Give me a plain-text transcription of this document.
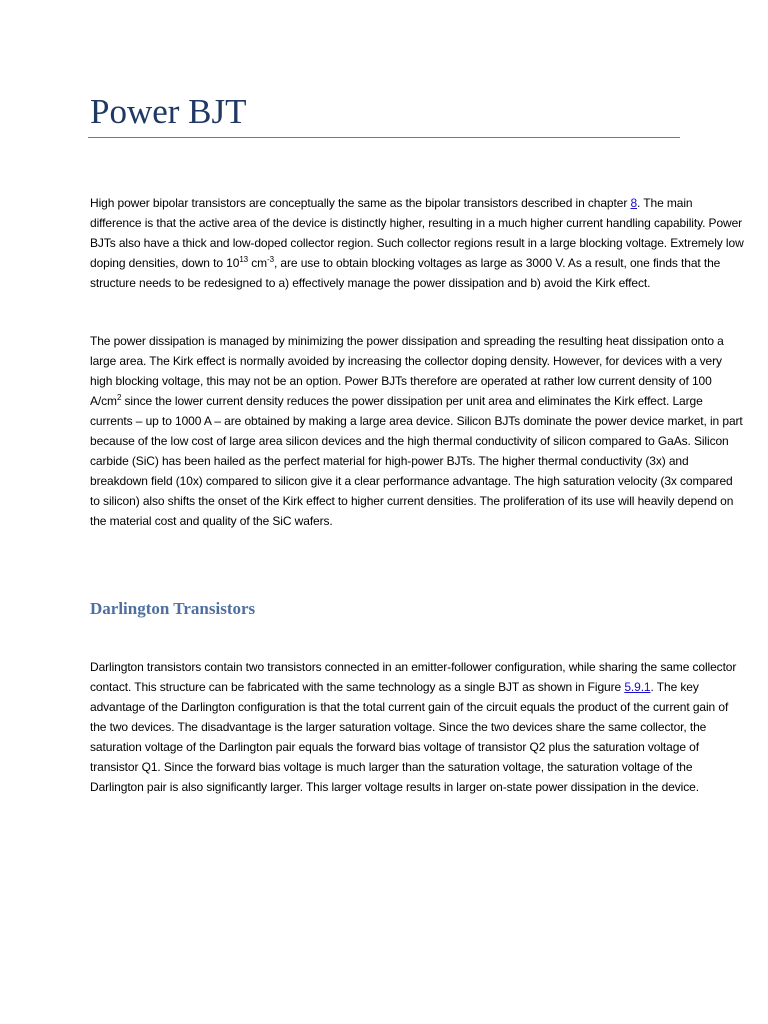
Power BJT

High power bipolar transistors are conceptually the same as the bipolar transistors described in chapter 8. The main difference is that the active area of the device is distinctly higher, resulting in a much higher current handling capability. Power BJTs also have a thick and low-doped collector region. Such collector regions result in a large blocking voltage. Extremely low doping densities, down to $10^{13}$ $cm^{-3}$, are use to obtain blocking voltages as large as 3000 V. As a result, one finds that the structure needs to be redesigned to a) effectively manage the power dissipation and b) avoid the Kirk effect.

The power dissipation is managed by minimizing the power dissipation and spreading the resulting heat dissipation onto a large area. The Kirk effect is normally avoided by increasing the collector doping density. However, for devices with a very high blocking voltage, this may not be an option. Power BJTs therefore are operated at rather low current density of 100 $A/cm^2$ since the lower current density reduces the power dissipation per unit area and eliminates the Kirk effect. Large currents – up to 1000 A – are obtained by making a large area device. Silicon BJTs dominate the power device market, in part because of the low cost of large area silicon devices and the high thermal conductivity of silicon compared to GaAs. Silicon carbide (SiC) has been hailed as the perfect material for high-power BJTs. The higher thermal conductivity (3x) and breakdown field (10x) compared to silicon give it a clear performance advantage. The high saturation velocity (3x compared to silicon) also shifts the onset of the Kirk effect to higher current densities. The proliferation of its use will heavily depend on the material cost and quality of the SiC wafers.

Darlington Transistors

Darlington transistors contain two transistors connected in an emitter-follower configuration, while sharing the same collector contact. This structure can be fabricated with the same technology as a single BJT as shown in Figure 5.9.1. The key advantage of the Darlington configuration is that the total current gain of the circuit equals the product of the current gain of the two devices. The disadvantage is the larger saturation voltage. Since the two devices share the same collector, the saturation voltage of the Darlington pair equals the forward bias voltage of transistor Q2 plus the saturation voltage of transistor Q1. Since the forward bias voltage is much larger than the saturation voltage, the saturation voltage of the Darlington pair is also significantly larger. This larger voltage results in larger on-state power dissipation in the device.
